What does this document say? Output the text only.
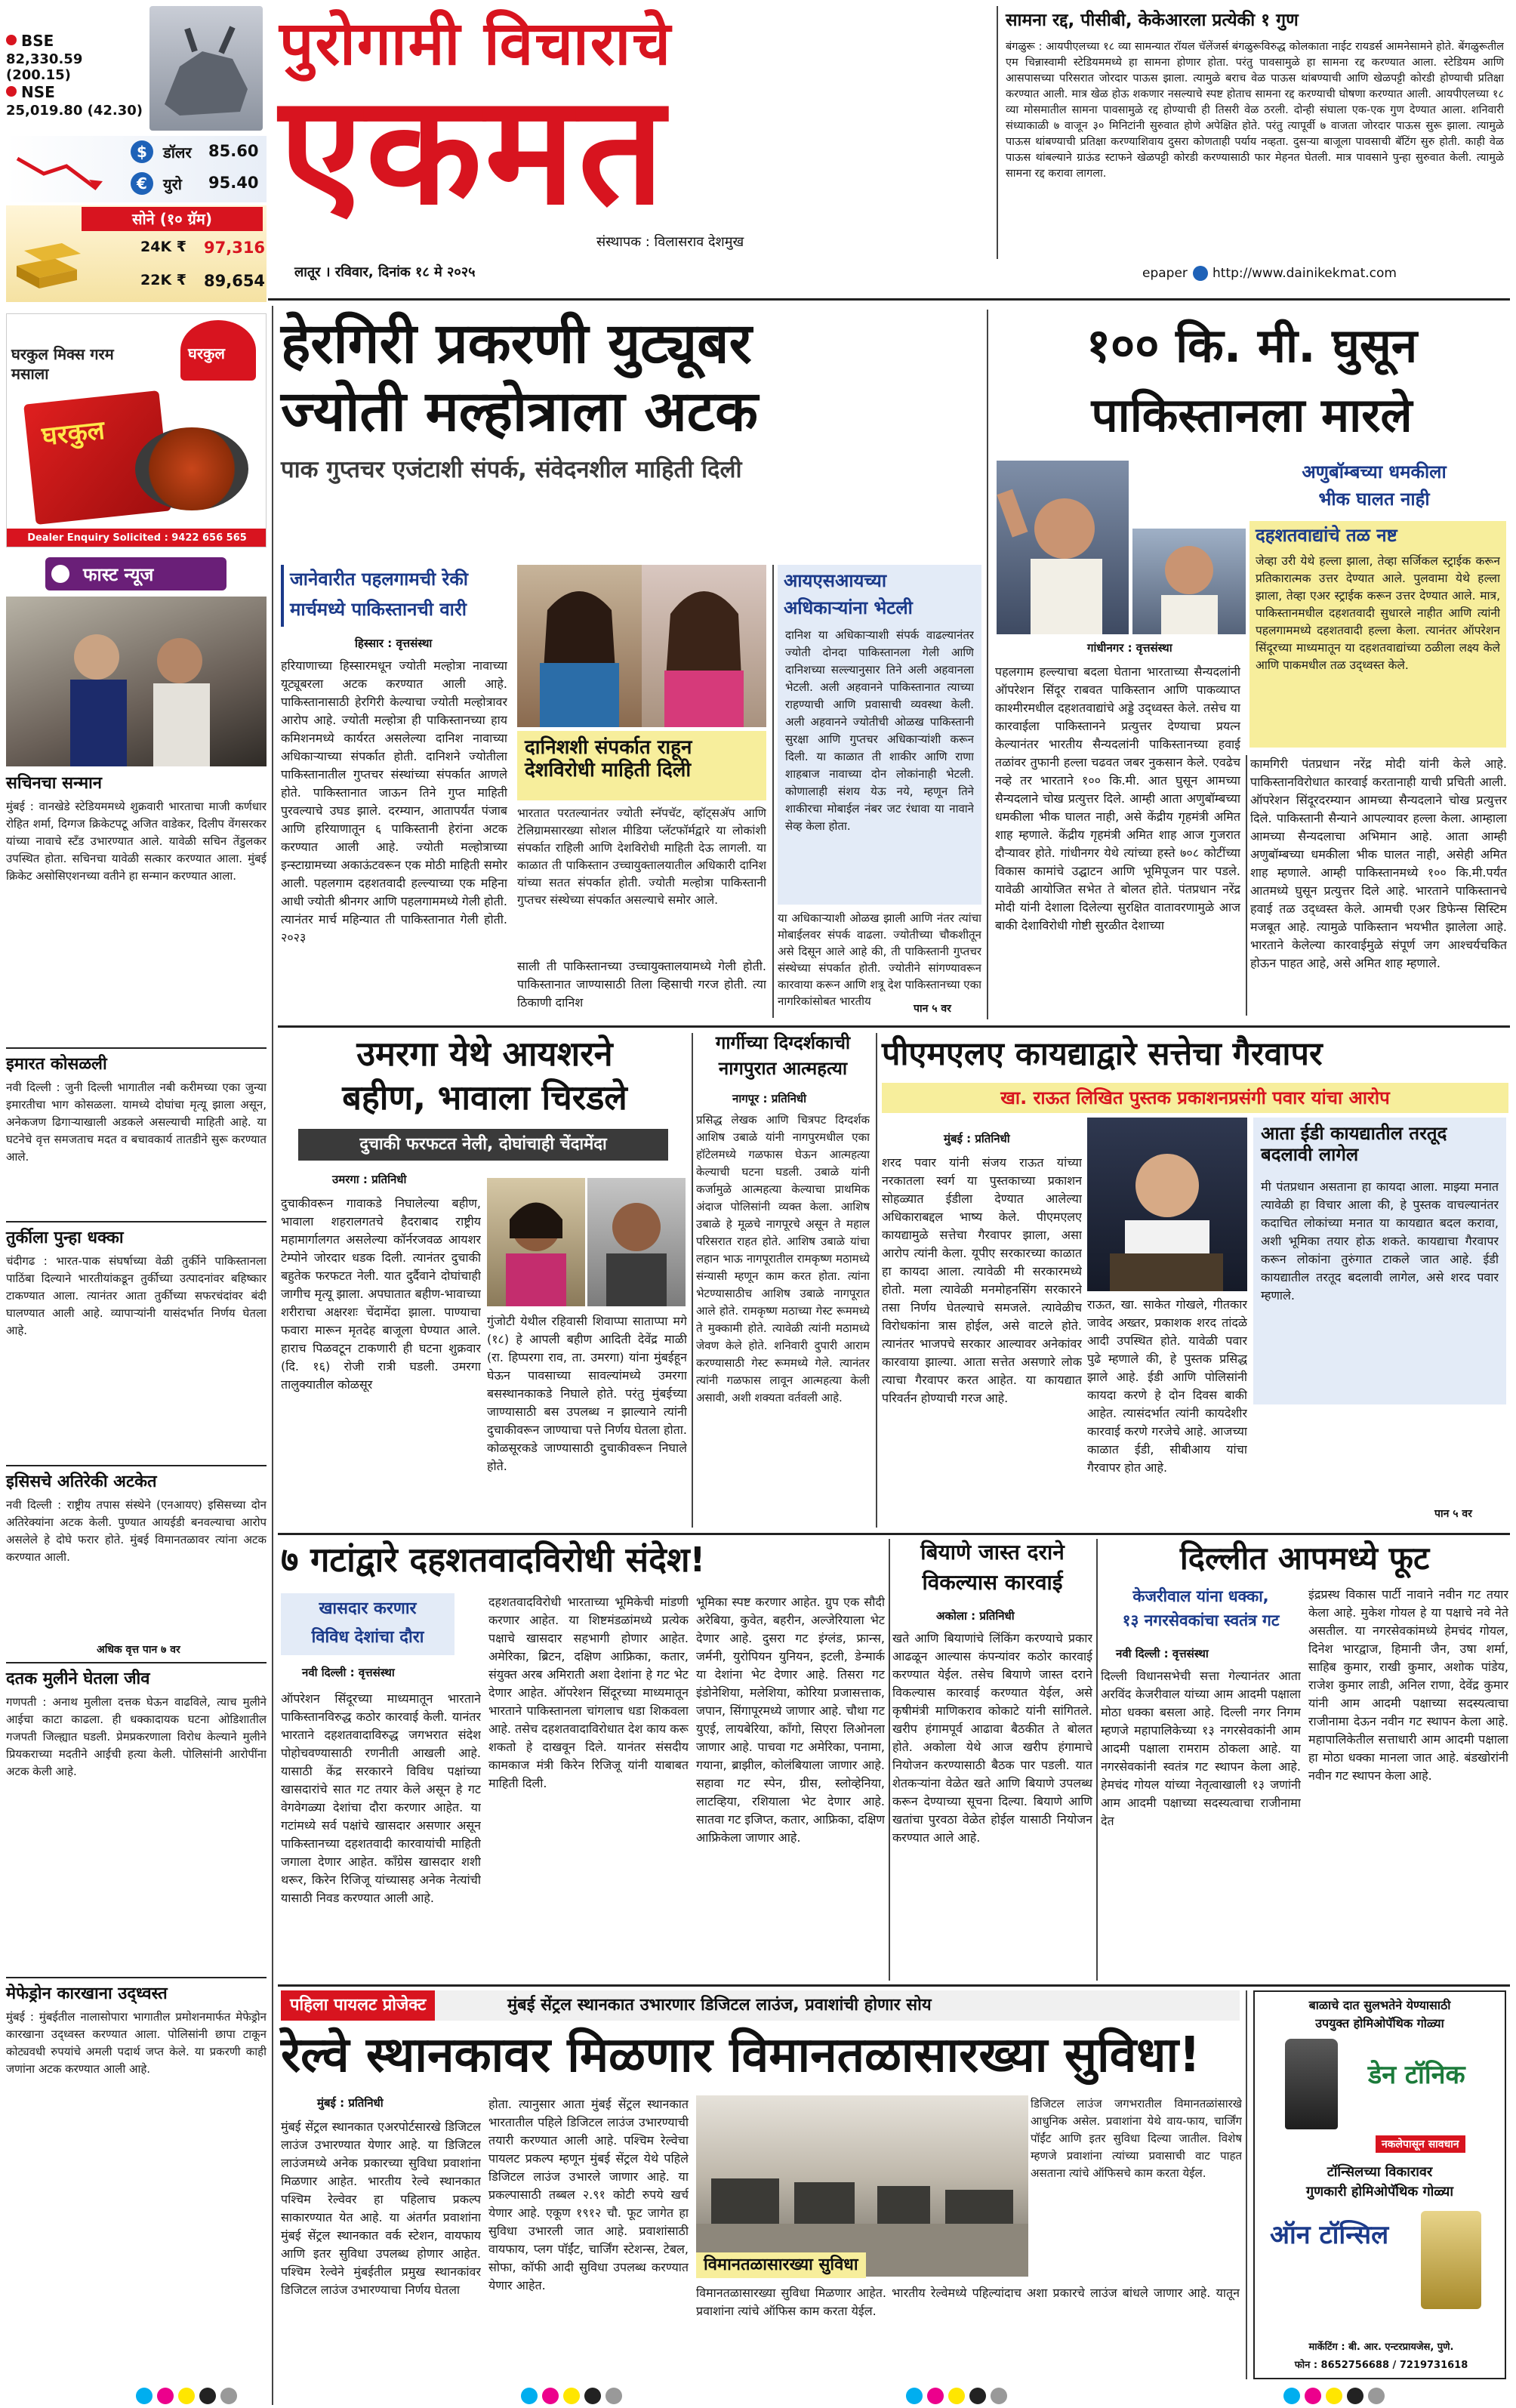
BSE
82,330.59 (200.15)
NSE
25,019.80 (42.30)
$	डॉलर 85.60
€	युरो 95.40
सोने (१० ग्रॅम)
24K ₹ 97,316
22K ₹ 89,654
पुरोगामी विचाराचे
एकमत
संस्थापक : विलासराव देशमुख
लातूर । रविवार, दिनांक १८ मे २०२५	epaper http://www.dainikekmat.com
सामना रद्द, पीसीबी, केकेआरला प्रत्येकी १ गुण
बंगळुरू : आयपीएलच्या १८ व्या सामन्यात रॉयल चॅलेंजर्स बंगळुरूविरुद्ध कोलकाता नाईट रायडर्स आमनेसामने होते. बेंगळुरूतील एम चिन्नास्वामी स्टेडियममध्ये हा सामना होणार होता. परंतु पावसामुळे हा सामना रद्द करण्यात आला. स्टेडियम आणि आसपासच्या परिसरात जोरदार पाऊस झाला. त्यामुळे बराच वेळ पाऊस थांबण्याची आणि खेळपट्टी कोरडी होण्याची प्रतिक्षा करण्यात आली. मात्र खेळ होऊ शकणार नसल्याचे स्पष्ट होताच सामना रद्द करण्याची घोषणा करण्यात आली. आयपीएलच्या १८ व्या मोसमातील सामना पावसामुळे रद्द होण्याची ही तिसरी वेळ ठरली. दोन्ही संघाला एक-एक गुण देण्यात आला. शनिवारी संध्याकाळी ७ वाजून ३० मिनिटांनी सुरुवात होणे अपेक्षित होते. परंतु त्यापूर्वी ७ वाजता जोरदार पाऊस सुरू झाला. त्यामुळे पाऊस थांबण्याची प्रतिक्षा करण्याशिवाय दुसरा कोणताही पर्याय नव्हता. दुसऱ्या बाजूला पावसाची बॅटिंग सुरु होती. काही वेळ पाऊस थांबल्याने ग्राऊंड स्टाफने खेळपट्टी कोरडी करण्यासाठी फार मेहनत घेतली. मात्र पावसाने पुन्हा सुरुवात केली. त्यामुळे सामना रद्द करावा लागला.
घरकुल मिक्स गरम मसाला
घरकुल
घरकुल
Dealer Enquiry Solicited : 9422 656 565
फास्ट न्यूज
सचिनचा सन्मान
मुंबई : वानखेडे स्टेडियममध्ये शुक्रवारी भारताचा माजी कर्णधार रोहित शर्मा, दिग्गज क्रिकेटपटू अजित वाडेकर, दिलीप वेंगसरकर यांच्या नावाचे स्टँड उभारण्यात आले. यावेळी सचिन तेंडुलकर उपस्थित होता. सचिनचा यावेळी सत्कार करण्यात आला. मुंबई क्रिकेट असोसिएशनच्या वतीने हा सन्मान करण्यात आला.
इमारत कोसळली
नवी दिल्ली : जुनी दिल्ली भागातील नबी करीमच्या एका जुन्या इमारतीचा भाग कोसळला. यामध्ये दोघांचा मृत्यू झाला असून, अनेकजण ढिगाऱ्याखाली अडकले असल्याची माहिती आहे. या घटनेचे वृत्त समजताच मदत व बचावकार्य तातडीने सुरू करण्यात आले.
तुर्कीला पुन्हा धक्का
चंदीगढ : भारत-पाक संघर्षाच्या वेळी तुर्कीने पाकिस्तानला पाठिंबा दिल्याने भारतीयांकडून तुर्कीच्या उत्पादनांवर बहिष्कार टाकण्यात आला. त्यानंतर आता तुर्कीच्या सफरचंदांवर बंदी घालण्यात आली आहे. व्यापाऱ्यांनी यासंदर्भात निर्णय घेतला आहे.
इसिसचे अतिरेकी अटकेत
नवी दिल्ली : राष्ट्रीय तपास संस्थेने (एनआयए) इसिसच्या दोन अतिरेक्यांना अटक केली. पुण्यात आयईडी बनवल्याचा आरोप असलेले हे दोघे फरार होते. मुंबई विमानतळावर त्यांना अटक करण्यात आली.
अधिक वृत्त पान ७ वर
दतक मुलीने घेतला जीव
गणपती : अनाथ मुलीला दत्तक घेऊन वाढविले, त्याच मुलीने आईचा काटा काढला. ही धक्कादायक घटना ओडिशातील गजपती जिल्ह्यात घडली. प्रेमप्रकरणाला विरोध केल्याने मुलीने प्रियकराच्या मदतीने आईची हत्या केली. पोलिसांनी आरोपींना अटक केली आहे.
मेफेड्रोन कारखाना उद्ध्वस्त
मुंबई : मुंबईतील नालासोपारा भागातील प्रमोशनमार्फत मेफेड्रोन कारखाना उद्ध्वस्त करण्यात आला. पोलिसांनी छापा टाकून कोट्यवधी रुपयांचे अमली पदार्थ जप्त केले. या प्रकरणी काही जणांना अटक करण्यात आली आहे.
हेरगिरी प्रकरणी युट्यूबर
ज्योती मल्होत्राला अटक
पाक गुप्तचर एजंटाशी संपर्क, संवेदनशील माहिती दिली
जानेवारीत पहलगामची रेकी
मार्चमध्ये पाकिस्तानची वारी
हिस्सार : वृत्तसंस्था
हरियाणाच्या हिस्सारमधून ज्योती मल्होत्रा नावाच्या यूट्यूबरला अटक करण्यात आली आहे. पाकिस्तानासाठी हेरगिरी केल्याचा ज्योती मल्होत्रावर आरोप आहे. ज्योती मल्होत्रा ही पाकिस्तानच्या हाय कमिशनमध्ये कार्यरत असलेल्या दानिश नावाच्या अधिकाऱ्याच्या संपर्कात होती. दानिशने ज्योतीला पाकिस्तानातील गुप्तचर संस्थांच्या संपर्कात आणले होते. पाकिस्तानात जाऊन तिने गुप्त माहिती पुरवल्याचे उघड झाले. दरम्यान, आतापर्यंत पंजाब आणि हरियाणातून ६ पाकिस्तानी हेरांना अटक करण्यात आली आहे. ज्योती मल्होत्राच्या इन्स्टाग्रामच्या अकाऊंटवरून एक मोठी माहिती समोर आली. पहलगाम दहशतवादी हल्ल्याच्या एक महिना आधी ज्योती श्रीनगर आणि पहलगाममध्ये गेली होती. त्यानंतर मार्च महिन्यात ती पाकिस्तानात गेली होती. २०२३
दानिशशी संपर्कात राहून देशविरोधी माहिती दिली
भारतात परतल्यानंतर ज्योती स्नॅपचॅट, व्हॉट्सअ‍ॅप आणि टेलिग्रामसारख्या सोशल मीडिया प्लॅटफॉर्मद्वारे या लोकांशी संपर्कात राहिली आणि देशविरोधी माहिती देऊ लागली. या काळात ती पाकिस्तान उच्चायुक्तालयातील अधिकारी दानिश यांच्या सतत संपर्कात होती. ज्योती मल्होत्रा पाकिस्तानी गुप्तचर संस्थेच्या संपर्कात असल्याचे समोर आले.
साली ती पाकिस्तानच्या उच्चायुक्तालयामध्ये गेली होती. पाकिस्तानात जाण्यासाठी तिला व्हिसाची गरज होती. त्या ठिकाणी दानिश
आयएसआयच्या
अधिकाऱ्यांना भेटली
दानिश या अधिकाऱ्याशी संपर्क वाढल्यानंतर ज्योती दोनदा पाकिस्तानला गेली आणि दानिशच्या सल्ल्यानुसार तिने अली अहवानला भेटली. अली अहवानने पाकिस्तानात त्याच्या राहण्याची आणि प्रवासाची व्यवस्था केली. अली अहवानने ज्योतीची ओळख पाकिस्तानी सुरक्षा आणि गुप्तचर अधिकाऱ्यांशी करून दिली. या काळात ती शाकीर आणि राणा शाहबाज नावाच्या दोन लोकांनाही भेटली. कोणालाही संशय येऊ नये, म्हणून तिने शाकीरचा मोबाईल नंबर जट रंधावा या नावाने सेव्ह केला होता.
या अधिकाऱ्याशी ओळख झाली आणि नंतर त्यांचा मोबाईलवर संपर्क वाढला. ज्योतीच्या चौकशीतून असे दिसून आले आहे की, ती पाकिस्तानी गुप्तचर संस्थेच्या संपर्कात होती. ज्योतीने सांगण्यावरून कारवाया करून आणि शत्रू देश पाकिस्तानच्या एका नागरिकांसोबत भारतीय
पान ५ वर
१०० कि. मी. घुसून
पाकिस्तानला मारले
अणुबॉम्बच्या धमकीला
भीक घालत नाही
गांधीनगर : वृत्तसंस्था
दहशतवाद्यांचे तळ नष्ट
जेव्हा उरी येथे हल्ला झाला, तेव्हा सर्जिकल स्ट्राईक करून प्रतिकारात्मक उत्तर देण्यात आले. पुलवामा येथे हल्ला झाला, तेव्हा एअर स्ट्राईक करून उत्तर देण्यात आले. मात्र, पाकिस्तानमधील दहशतवादी सुधारले नाहीत आणि त्यांनी पहलगाममध्ये दहशतवादी हल्ला केला. त्यानंतर ऑपरेशन सिंदूरच्या माध्यमातून या दहशतवाद्यांच्या ठळीला लक्ष्य केले आणि पाकमधील तळ उद्ध्वस्त केले.
पहलगाम हल्ल्याचा बदला घेताना भारताच्या सैन्यदलांनी ऑपरेशन सिंदूर राबवत पाकिस्तान आणि पाकव्याप्त काश्मीरमधील दहशतवाद्यांचे अड्डे उद्ध्वस्त केले. तसेच या कारवाईला पाकिस्तानने प्रत्युत्तर देण्याचा प्रयत्न केल्यानंतर भारतीय सैन्यदलांनी पाकिस्तानच्या हवाई तळांवर तुफानी हल्ला चढवत जबर नुकसान केले. एवढेच नव्हे तर भारताने १०० कि.मी. आत घुसून आमच्या सैन्यदलाने चोख प्रत्युत्तर दिले. आम्ही आता अणुबॉम्बच्या धमकीला भीक घालत नाही, असे केंद्रीय गृहमंत्री अमित शाह म्हणाले. केंद्रीय गृहमंत्री अमित शाह आज गुजरात दौऱ्यावर होते. गांधीनगर येथे त्यांच्या हस्ते ७०८ कोटींच्या विकास कामांचे उद्घाटन आणि भूमिपूजन पार पडले. यावेळी आयोजित सभेत ते बोलत होते. पंतप्रधान नरेंद्र मोदी यांनी देशाला दिलेल्या सुरक्षित वातावरणामुळे आज बाकी देशाविरोधी गोष्टी सुरळीत देशाच्या
कामगिरी पंतप्रधान नरेंद्र मोदी यांनी केले आहे. पाकिस्तानविरोधात कारवाई करतानाही याची प्रचिती आली. ऑपरेशन सिंदूरदरम्यान आमच्या सैन्यदलाने चोख प्रत्युत्तर दिले. पाकिस्तानी सैन्याने आपल्यावर हल्ला केला. आम्हाला आमच्या सैन्यदलाचा अभिमान आहे. आता आम्ही अणुबॉम्बच्या धमकीला भीक घालत नाही, असेही अमित शाह म्हणाले. आम्ही पाकिस्तानमध्ये १०० कि.मी.पर्यंत आतमध्ये घुसून प्रत्युत्तर दिले आहे. भारताने पाकिस्तानचे हवाई तळ उद्ध्वस्त केले. आमची एअर डिफेन्स सिस्टिम मजबूत आहे. त्यामुळे पाकिस्तान भयभीत झालेला आहे. भारताने केलेल्या कारवाईमुळे संपूर्ण जग आश्चर्यचकित होऊन पाहत आहे, असे अमित शाह म्हणाले.
उमरगा येथे आयशरने
बहीण, भावाला चिरडले
दुचाकी फरफटत नेली, दोघांचाही चेंदामेंदा
उमरगा : प्रतिनिधी
दुचाकीवरून गावाकडे निघालेल्या बहीण, भावाला शहरालगतचे हैदराबाद राष्ट्रीय महामार्गालगत असलेल्या कॉर्नरजवळ आयशर टेम्पोने जोरदार धडक दिली. त्यानंतर दुचाकी बहुतेक फरफटत नेली. यात दुर्दैवाने दोघांचाही जागीच मृत्यू झाला. अपघातात बहीण-भावाच्या शरीराचा अक्षरशः चेंदामेंदा झाला. पाण्याचा फवारा मारून मृतदेह बाजूला घेण्यात आले. हाराच पिळवटून टाकणारी ही घटना शुक्रवार (दि. १६) रोजी रात्री घडली. उमरगा तालुक्यातील कोळसूर
गुंजोटी येथील रहिवासी शिवाप्पा साताप्पा मगे (१८) हे आपली बहीण आदिती देवेंद्र माळी (रा. हिप्परगा राव, ता. उमरगा) यांना मुंबईहून घेऊन पावसाच्या सावल्यांमध्ये उमरगा बसस्थानकाकडे निघाले होते. परंतु मुंबईच्या जाण्यासाठी बस उपलब्ध न झाल्याने त्यांनी दुचाकीवरून जाण्याचा पत्ते निर्णय घेतला होता. कोळसूरकडे जाण्यासाठी दुचाकीवरून निघाले होते.
गार्गीच्या दिग्दर्शकाची
नागपुरात आत्महत्या
नागपूर : प्रतिनिधी
प्रसिद्ध लेखक आणि चित्रपट दिग्दर्शक आशिष उबाळे यांनी नागपुरमधील एका हॉटेलमध्ये गळफास घेऊन आत्महत्या केल्याची घटना घडली. उबाळे यांनी कर्जामुळे आत्महत्या केल्याचा प्राथमिक अंदाज पोलिसांनी व्यक्त केला. आशिष उबाळे हे मूळचे नागपूरचे असून ते महाल परिसरात राहत होते. आशिष उबाळे यांचा लहान भाऊ नागपूरातील रामकृष्ण मठामध्ये संन्यासी म्हणून काम करत होता. त्यांना भेटण्यासाठीच आशिष उबाळे नागपूरात आले होते. रामकृष्ण मठाच्या गेस्ट रूममध्ये ते मुक्कामी होते. त्यावेळी त्यांनी मठामध्ये जेवण केले होते. शनिवारी दुपारी आराम करण्यासाठी गेस्ट रूममध्ये गेले. त्यानंतर त्यांनी गळफास लावून आत्महत्या केली असावी, अशी शक्यता वर्तवली आहे.
पीएमएलए कायद्याद्वारे सत्तेचा गैरवापर
खा. राऊत लिखित पुस्तक प्रकाशनप्रसंगी पवार यांचा आरोप
मुंबई : प्रतिनिधी
शरद पवार यांनी संजय राऊत यांच्या नरकातला स्वर्ग या पुस्तकाच्या प्रकाशन सोहळ्यात ईडीला देण्यात आलेल्या अधिकाराबद्दल भाष्य केले. पीएमएलए कायद्यामुळे सत्तेचा गैरवापर झाला, असा आरोप त्यांनी केला. यूपीए सरकारच्या काळात हा कायदा आला. त्यावेळी मी सरकारमध्ये होतो. मला त्यावेळी मनमोहनसिंग सरकारने तसा निर्णय घेतल्याचे समजले. त्यावेळीच विरोधकांना त्रास होईल, असे वाटले होते. त्यानंतर भाजपचे सरकार आल्यावर अनेकांवर कारवाया झाल्या. आता सत्तेत असणारे लोक त्याचा गैरवापर करत आहेत. या कायद्यात परिवर्तन होण्याची गरज आहे.
राऊत, खा. साकेत गोखले, गीतकार जावेद अख्तर, प्रकाशक शरद तांदळे आदी उपस्थित होते. यावेळी पवार पुढे म्हणाले की, हे पुस्तक प्रसिद्ध झाले आहे. ईडी आणि पोलिसांनी कायदा करणे हे दोन दिवस बाकी आहेत. त्यासंदर्भात त्यांनी कायदेशीर कारवाई करणे गरजेचे आहे. आजच्या काळात ईडी, सीबीआय यांचा गैरवापर होत आहे.
आता ईडी कायद्यातील तरतूद बदलावी लागेल
मी पंतप्रधान असताना हा कायदा आला. माझ्या मनात त्यावेळी हा विचार आला की, हे पुस्तक वाचल्यानंतर कदाचित लोकांच्या मनात या कायद्यात बदल करावा, अशी भूमिका तयार होऊ शकते. कायद्याचा गैरवापर करून लोकांना तुरुंगात टाकले जात आहे. ईडी कायद्यातील तरतूद बदलावी लागेल, असे शरद पवार म्हणाले.
पान ५ वर
७ गटांद्वारे दहशतवादविरोधी संदेश!
खासदार करणार
विविध देशांचा दौरा
नवी दिल्ली : वृत्तसंस्था
ऑपरेशन सिंदूरच्या माध्यमातून भारताने पाकिस्तानविरुद्ध कठोर कारवाई केली. यानंतर भारताने दहशतवादाविरुद्ध जगभरात संदेश पोहोचवण्यासाठी रणनीती आखली आहे. यासाठी केंद्र सरकारने विविध पक्षांच्या खासदारांचे सात गट तयार केले असून हे गट वेगवेगळ्या देशांचा दौरा करणार आहेत. या गटांमध्ये सर्व पक्षांचे खासदार असणार असून पाकिस्तानच्या दहशतवादी कारवायांची माहिती जगाला देणार आहेत. काँग्रेस खासदार शशी थरूर, किरेन रिजिजू यांच्यासह अनेक नेत्यांची यासाठी निवड करण्यात आली आहे.
दहशतवादविरोधी भारताच्या भूमिकेची मांडणी करणार आहेत. या शिष्टमंडळांमध्ये प्रत्येक पक्षाचे खासदार सहभागी होणार आहेत. अमेरिका, ब्रिटन, दक्षिण आफ्रिका, कतार, संयुक्त अरब अमिराती अशा देशांना हे गट भेट देणार आहेत. ऑपरेशन सिंदूरच्या माध्यमातून भारताने पाकिस्तानला चांगलाच धडा शिकवला आहे. तसेच दहशतवादाविरोधात देश काय करू शकतो हे दाखवून दिले. यानंतर संसदीय कामकाज मंत्री किरेन रिजिजू यांनी याबाबत माहिती दिली.
भूमिका स्पष्ट करणार आहेत. ग्रुप एक सौदी अरेबिया, कुवेत, बहरीन, अल्जेरियाला भेट देणार आहे. दुसरा गट इंग्लंड, फ्रान्स, जर्मनी, युरोपियन युनियन, इटली, डेन्मार्क या देशांना भेट देणार आहे. तिसरा गट इंडोनेशिया, मलेशिया, कोरिया प्रजासत्ताक, जपान, सिंगापूरमध्ये जाणार आहे. चौथा गट युएई, लायबेरिया, काँगो, सिएरा लिओनला जाणार आहे. पाचवा गट अमेरिका, पनामा, गयाना, ब्राझील, कोलंबियाला जाणार आहे. सहावा गट स्पेन, ग्रीस, स्लोव्हेनिया, लाटव्हिया, रशियाला भेट देणार आहे. सातवा गट इजिप्त, कतार, आफ्रिका, दक्षिण आफ्रिकेला जाणार आहे.
बियाणे जास्त दराने
विकल्यास कारवाई
अकोला : प्रतिनिधी
खते आणि बियाणांचे लिंकिंग करण्याचे प्रकार आढळून आल्यास कंपन्यांवर कठोर कारवाई करण्यात येईल. तसेच बियाणे जास्त दराने विकल्यास कारवाई करण्यात येईल, असे कृषीमंत्री माणिकराव कोकाटे यांनी सांगितले. खरीप हंगामपूर्व आढावा बैठकीत ते बोलत होते. अकोला येथे आज खरीप हंगामाचे नियोजन करण्यासाठी बैठक पार पडली. यात शेतकऱ्यांना वेळेत खते आणि बियाणे उपलब्ध करून देण्याच्या सूचना दिल्या. बियाणे आणि खतांचा पुरवठा वेळेत होईल यासाठी नियोजन करण्यात आले आहे.
दिल्लीत आपमध्ये फूट
केजरीवाल यांना धक्का,
१३ नगरसेवकांचा स्वतंत्र गट
नवी दिल्ली : वृत्तसंस्था
दिल्ली विधानसभेची सत्ता गेल्यानंतर आता अरविंद केजरीवाल यांच्या आम आदमी पक्षाला मोठा धक्का बसला आहे. दिल्ली नगर निगम म्हणजे महापालिकेच्या १३ नगरसेवकांनी आम आदमी पक्षाला रामराम ठोकला आहे. या नगरसेवकांनी स्वतंत्र गट स्थापन केला आहे. हेमचंद गोयल यांच्या नेतृत्वाखाली १३ जणांनी आम आदमी पक्षाच्या सदस्यत्वाचा राजीनामा देत
इंद्रप्रस्थ विकास पार्टी नावाने नवीन गट तयार केला आहे. मुकेश गोयल हे या पक्षाचे नवे नेते असतील. या नगरसेवकांमध्ये हेमचंद गोयल, दिनेश भारद्वाज, हिमानी जैन, उषा शर्मा, साहिब कुमार, राखी कुमार, अशोक पांडेय, राजेश कुमार लाडी, अनिल राणा, देवेंद्र कुमार यांनी आम आदमी पक्षाच्या सदस्यत्वाचा राजीनामा देऊन नवीन गट स्थापन केला आहे. महापालिकेतील सत्ताधारी आम आदमी पक्षाला हा मोठा धक्का मानला जात आहे. बंडखोरांनी नवीन गट स्थापन केला आहे.
पहिला पायलट प्रोजेक्ट	मुंबई सेंट्रल स्थानकात उभारणार डिजिटल लाउंज, प्रवाशांची होणार सोय
रेल्वे स्थानकावर मिळणार विमानतळासारख्या सुविधा!
मुंबई : प्रतिनिधी
मुंबई सेंट्रल स्थानकात एअरपोर्टसारखे डिजिटल लाउंज उभारण्यात येणार आहे. या डिजिटल लाउंजमध्ये अनेक प्रकारच्या सुविधा प्रवाशांना मिळणार आहेत. भारतीय रेल्वे स्थानकात पश्चिम रेल्वेवर हा पहिलाच प्रकल्प साकारण्यात येत आहे. या अंतर्गत प्रवाशांना मुंबई सेंट्रल स्थानकात वर्क स्टेशन, वायफाय आणि इतर सुविधा उपलब्ध होणार आहेत. पश्चिम रेल्वेने मुंबईतील प्रमुख स्थानकांवर डिजिटल लाउंज उभारण्याचा निर्णय घेतला
होता. त्यानुसार आता मुंबई सेंट्रल स्थानकात भारतातील पहिले डिजिटल लाउंज उभारण्याची तयारी करण्यात आली आहे. पश्चिम रेल्वेचा पायलट प्रकल्प म्हणून मुंबई सेंट्रल येथे पहिले डिजिटल लाउंज उभारले जाणार आहे. या प्रकल्पासाठी तब्बल २.९१ कोटी रुपये खर्च येणार आहे. एकूण १९१२ चौ. फूट जागेत हा सुविधा उभारली जात आहे. प्रवाशांसाठी वायफाय, प्लग पॉईंट, चार्जिंग स्टेशन्स, टेबल, सोफा, कॉफी आदी सुविधा उपलब्ध करण्यात येणार आहेत.
विमानतळासारख्या सुविधा
डिजिटल लाउंज जगभरातील विमानतळांसारखे आधुनिक असेल. प्रवाशांना येथे वाय-फाय, चार्जिंग पॉईंट आणि इतर सुविधा दिल्या जातील. विशेष म्हणजे प्रवाशांना त्यांच्या प्रवासाची वाट पाहत असताना त्यांचे ऑफिसचे काम करता येईल.
विमानतळासारख्या सुविधा मिळणार आहेत. भारतीय रेल्वेमध्ये पहिल्यांदाच अशा प्रकारचे लाउंज बांधले जाणार आहे. यातून प्रवाशांना त्यांचे ऑफिस काम करता येईल.
बाळाचे दात सुलभतेने येण्यासाठी
उपयुक्त होमिओपॅथिक गोळ्या
डेन टॉनिक
नकलेपासून सावधान
टॉन्सिलच्या विकारावर
गुणकारी होमिओपॅथिक गोळ्या
ऑन टॉन्सिल
मार्केटिंग : बी. आर. एन्टरप्रायजेस, पुणे.
फोन : 8652756688 / 7219731618
